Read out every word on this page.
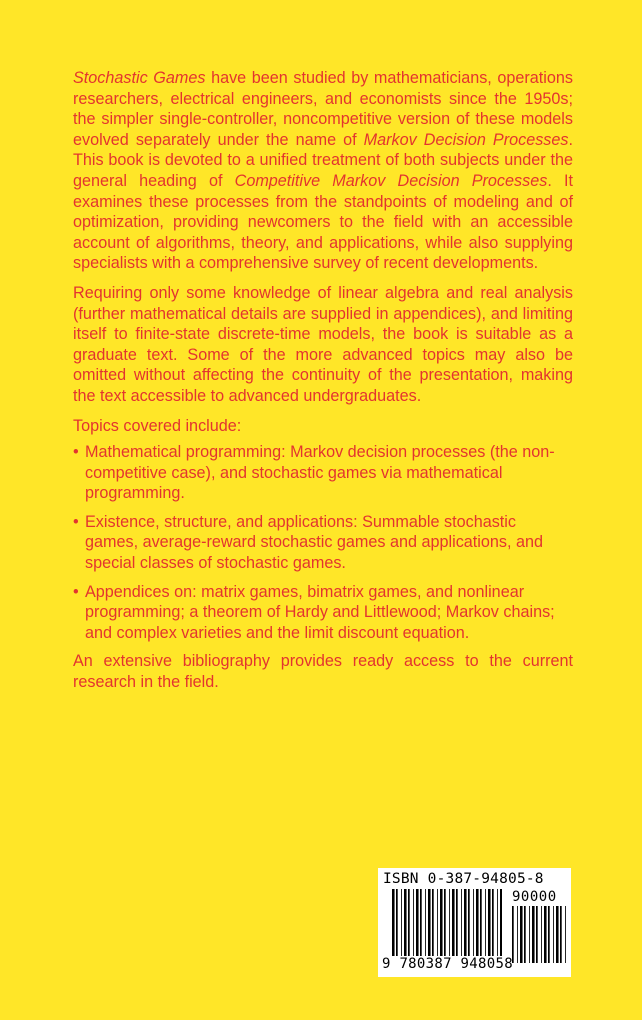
Stochastic Games have been studied by mathematicians, operations researchers, electrical engineers, and economists since the 1950s; the simpler single-controller, noncompetitive version of these models evolved separately under the name of Markov Decision Processes. This book is devoted to a unified treatment of both subjects under the general heading of Competitive Markov Decision Processes. It examines these processes from the standpoints of modeling and of optimization, providing newcomers to the field with an accessible account of algorithms, theory, and applications, while also supplying specialists with a comprehensive survey of recent developments.

Requiring only some knowledge of linear algebra and real analysis (further mathematical details are supplied in appendices), and limiting itself to finite-state discrete-time models, the book is suitable as a graduate text. Some of the more advanced topics may also be omitted without affecting the continuity of the presentation, making the text accessible to advanced undergraduates.

Topics covered include:

• Mathematical programming: Markov decision processes (the non-competitive case), and stochastic games via mathematical programming.
• Existence, structure, and applications: Summable stochastic games, average-reward stochastic games and applications, and special classes of stochastic games.
• Appendices on: matrix games, bimatrix games, and nonlinear programming; a theorem of Hardy and Littlewood; Markov chains; and complex varieties and the limit discount equation.

An extensive bibliography provides ready access to the current research in the field.

ISBN 0-387-94805-8
90000
9 780387 948058
